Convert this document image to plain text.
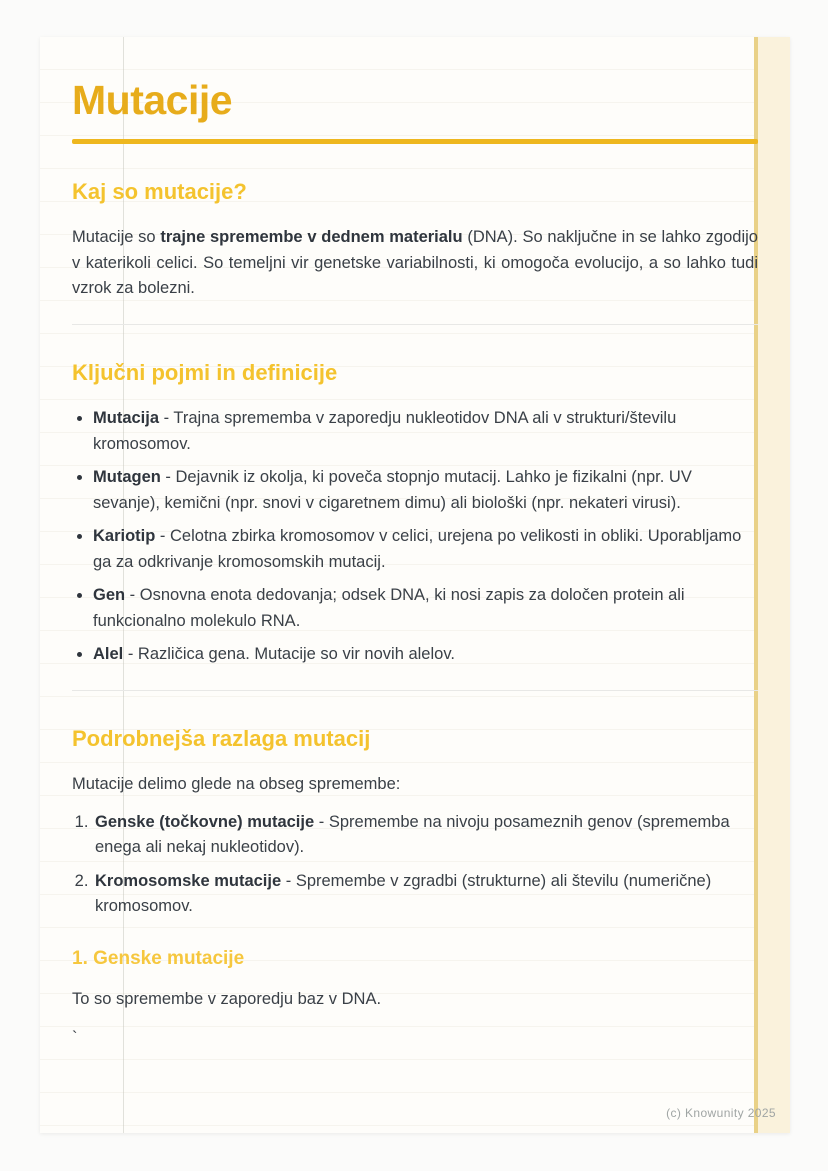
Mutacije
Kaj so mutacije?

Mutacije so trajne spremembe v dednem materialu (DNA). So naključne in se lahko zgodijo v katerikoli celici. So temeljni vir genetske variabilnosti, ki omogoča evolucijo, a so lahko tudi vzrok za bolezni.

Ključni pojmi in definicije
• Mutacija - Trajna sprememba v zaporedju nukleotidov DNA ali v strukturi/številu kromosomov.
• Mutagen - Dejavnik iz okolja, ki poveča stopnjo mutacij. Lahko je fizikalni (npr. UV sevanje), kemični (npr. snovi v cigaretnem dimu) ali biološki (npr. nekateri virusi).
• Kariotip - Celotna zbirka kromosomov v celici, urejena po velikosti in obliki. Uporabljamo ga za odkrivanje kromosomskih mutacij.
• Gen - Osnovna enota dedovanja; odsek DNA, ki nosi zapis za določen protein ali funkcionalno molekulo RNA.
• Alel - Različica gena. Mutacije so vir novih alelov.
Podrobnejša razlaga mutacij

Mutacije delimo glede na obseg spremembe:

1. Genske (točkovne) mutacije - Spremembe na nivoju posameznih genov (sprememba enega ali nekaj nukleotidov).
2. Kromosomske mutacije - Spremembe v zgradbi (strukturne) ali številu (numerične) kromosomov.
1. Genske mutacije

To so spremembe v zaporedju baz v DNA.

`

(c) Knowunity 2025
